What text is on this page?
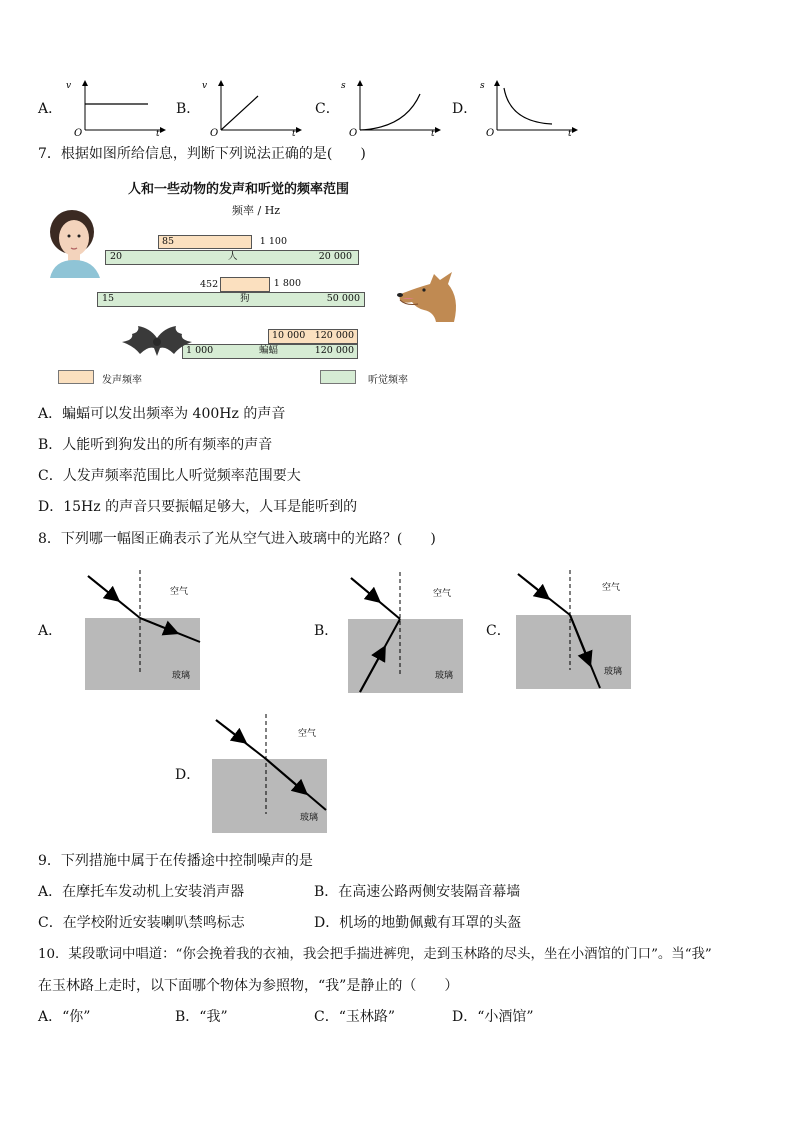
A．
v
t
O
B．
v
t
O
C．
s
t
O
D．
s
t
O
7．根据如图所给信息，判断下列说法正确的是(　　)
人和一些动物的发声和听觉的频率范围
频率 / Hz
85	1 100
20	人	20 000
452	1 800
15	狗	50 000
10 000 120 000
1 000	蝙蝠	120 000
发声频率	听觉频率
A．蝙蝠可以发出频率为 400Hz 的声音
B．人能听到狗发出的所有频率的声音
C．人发声频率范围比人听觉频率范围要大
D．15Hz 的声音只要振幅足够大，人耳是能听到的
8．下列哪一幅图正确表示了光从空气进入玻璃中的光路？(　　)
A．
空气
玻璃
B．
空气
玻璃
C．
空气
玻璃
D．
空气
玻璃
9．下列措施中属于在传播途中控制噪声的是
A．在摩托车发动机上安装消声器	B．在高速公路两侧安装隔音幕墙
C．在学校附近安装喇叭禁鸣标志	D．机场的地勤佩戴有耳罩的头盔
10．某段歌词中唱道：“你会挽着我的衣袖，我会把手揣进裤兜，走到玉林路的尽头，坐在小酒馆的门口”。当“我”
在玉林路上走时，以下面哪个物体为参照物，“我”是静止的（　　）
A．“你”	B．“我”	C．“玉林路”	D．“小酒馆”
